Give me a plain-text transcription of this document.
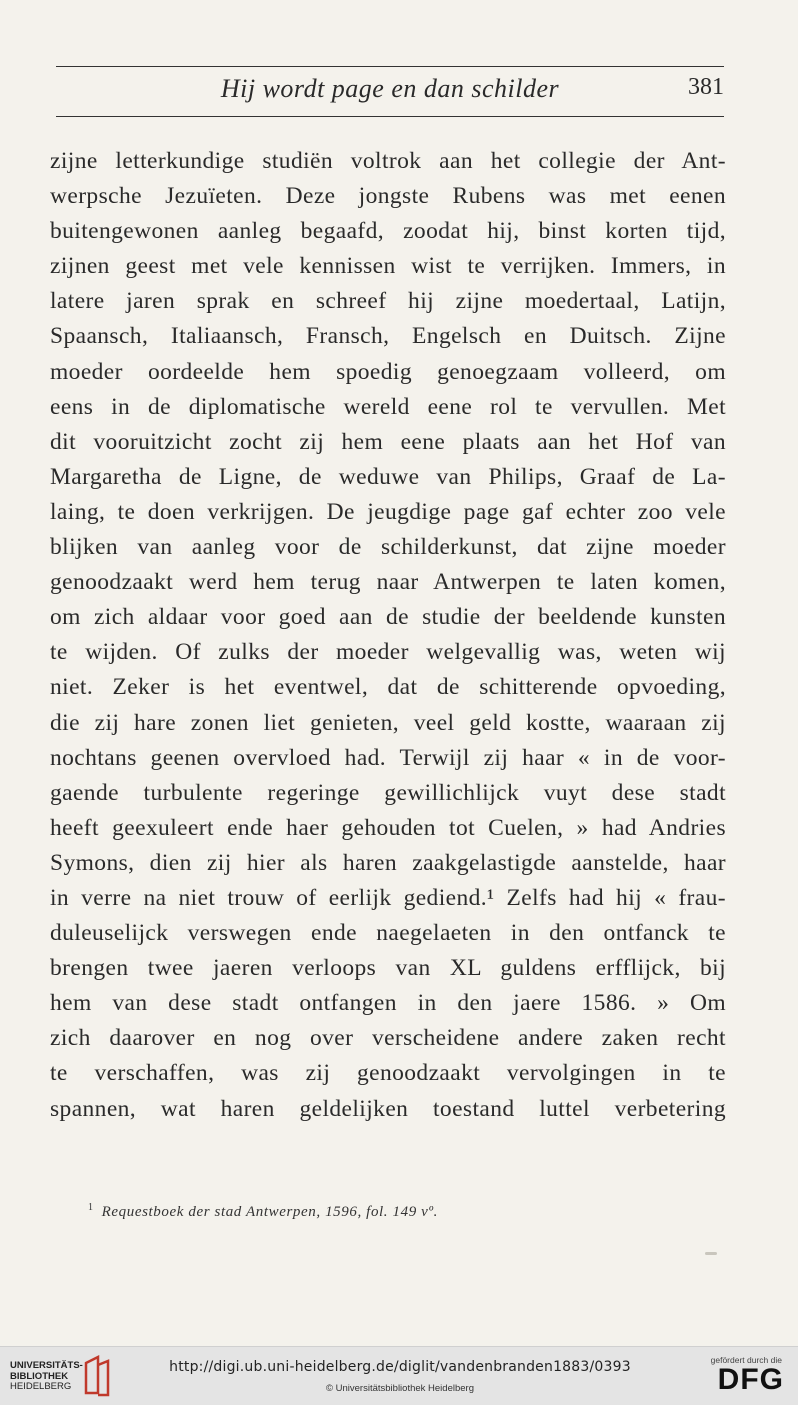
Hij wordt page en dan schilder	381
zijne letterkundige studiën voltrok aan het collegie der Ant-
werpsche Jezuïeten. Deze jongste Rubens was met eenen
buitengewonen aanleg begaafd, zoodat hij, binst korten tijd,
zijnen geest met vele kennissen wist te verrijken. Immers, in
latere jaren sprak en schreef hij zijne moedertaal, Latijn,
Spaansch, Italiaansch, Fransch, Engelsch en Duitsch. Zijne
moeder oordeelde hem spoedig genoegzaam volleerd, om
eens in de diplomatische wereld eene rol te vervullen. Met
dit vooruitzicht zocht zij hem eene plaats aan het Hof van
Margaretha de Ligne, de weduwe van Philips, Graaf de La-
laing, te doen verkrijgen. De jeugdige page gaf echter zoo vele
blijken van aanleg voor de schilderkunst, dat zijne moeder
genoodzaakt werd hem terug naar Antwerpen te laten komen,
om zich aldaar voor goed aan de studie der beeldende kunsten
te wijden. Of zulks der moeder welgevallig was, weten wij
niet. Zeker is het eventwel, dat de schitterende opvoeding,
die zij hare zonen liet genieten, veel geld kostte, waaraan zij
nochtans geenen overvloed had. Terwijl zij haar « in de voor-
gaende turbulente regeringe gewillichlijck vuyt dese stadt
heeft geexuleert ende haer gehouden tot Cuelen, » had Andries
Symons, dien zij hier als haren zaakgelastigde aanstelde, haar
in verre na niet trouw of eerlijk gediend.¹ Zelfs had hij « frau-
duleuselijck verswegen ende naegelaeten in den ontfanck te
brengen twee jaeren verloops van XL guldens erfflijck, bij
hem van dese stadt ontfangen in den jaere 1586. » Om
zich daarover en nog over verscheidene andere zaken recht
te verschaffen, was zij genoodzaakt vervolgingen in te
spannen, wat haren geldelijken toestand luttel verbetering
$^1$ Requestboek der stad Antwerpen, 1596, fol. 149 vº.
UNIVERSITÄTS-
BIBLIOTHEK
HEIDELBERG
http://digi.ub.uni-heidelberg.de/diglit/vandenbranden1883/0393
© Universitätsbibliothek Heidelberg
gefördert durch die
DFG
